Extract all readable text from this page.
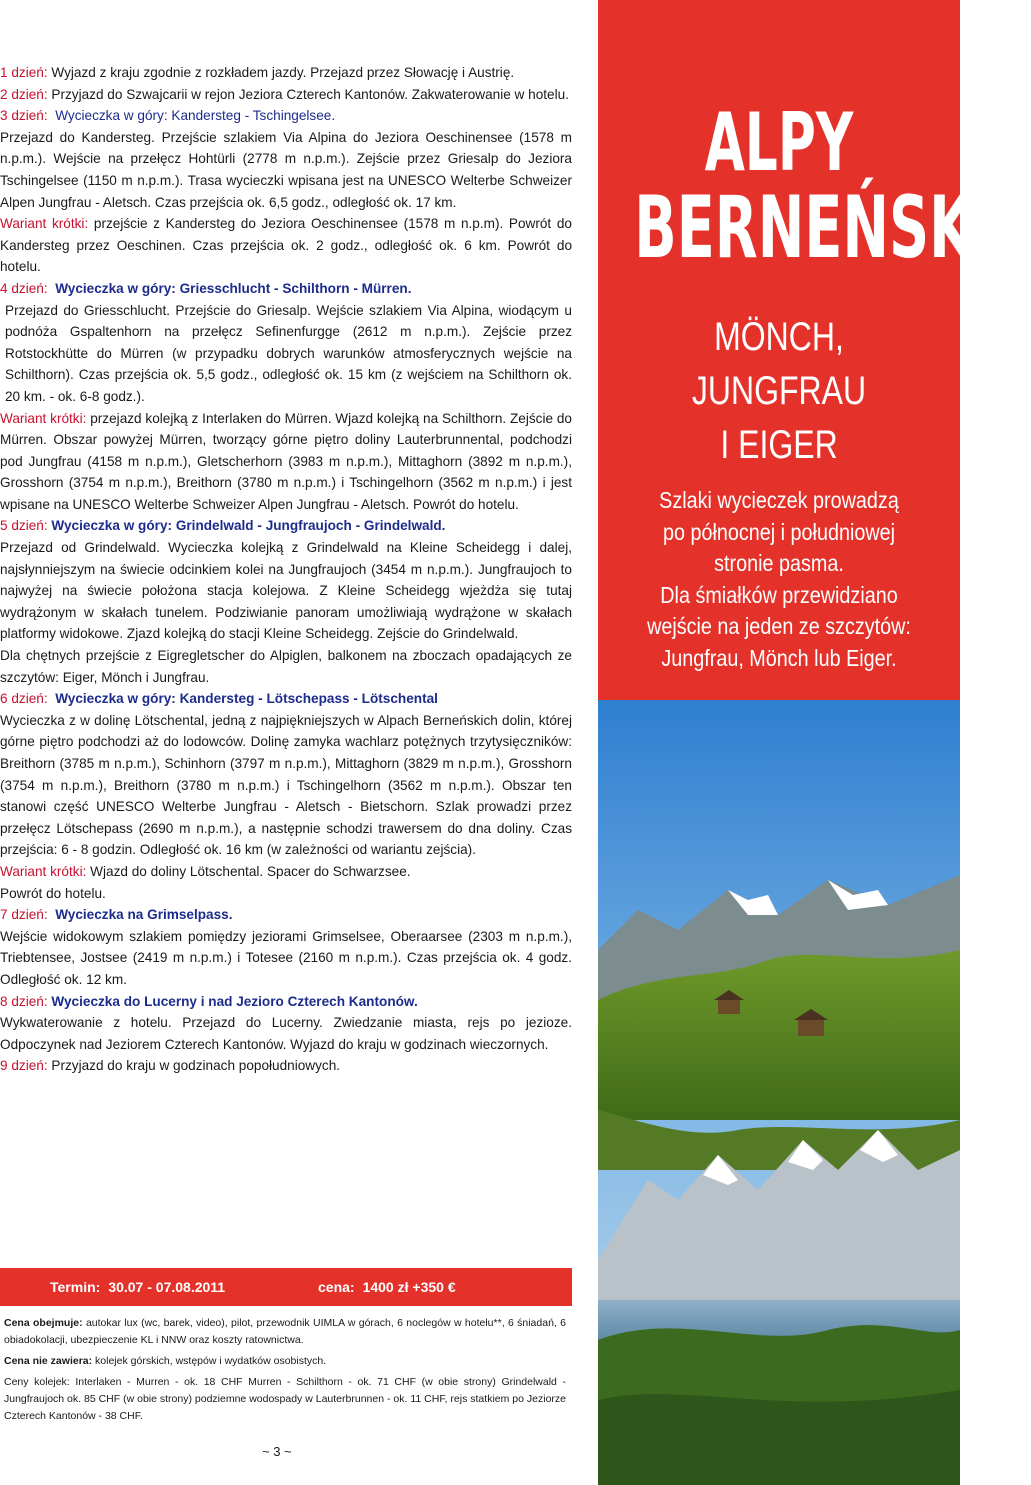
1 dzień: Wyjazd z kraju zgodnie z rozkładem jazdy. Przejazd przez Słowację i Austrię.

2 dzień: Przyjazd do Szwajcarii w rejon Jeziora Czterech Kantonów. Zakwaterowanie w hotelu.

3 dzień: Wycieczka w góry: Kandersteg - Tschingelsee.

Przejazd do Kandersteg. Przejście szlakiem Via Alpina do Jeziora Oeschinensee (1578 m n.p.m.). Wejście na przełęcz Hohtürli (2778 m n.p.m.). Zejście przez Griesalp do Jeziora Tschingelsee (1150 m n.p.m.). Trasa wycieczki wpisana jest na UNESCO Welterbe Schweizer Alpen Jungfrau - Aletsch. Czas przejścia ok. 6,5 godz., odległość ok. 17 km.

Wariant krótki: przejście z Kandersteg do Jeziora Oeschinensee (1578 m n.p.m). Powrót do Kandersteg przez Oeschinen. Czas przejścia ok. 2 godz., odległość ok. 6 km. Powrót do hotelu.

4 dzień: Wycieczka w góry: Griesschlucht - Schilthorn - Mürren.

Przejazd do Griesschlucht. Przejście do Griesalp. Wejście szlakiem Via Alpina, wiodącym u podnóża Gspaltenhorn na przełęcz Sefinenfurgge (2612 m n.p.m.). Zejście przez Rotstockhütte do Mürren (w przypadku dobrych warunków atmosferycznych wejście na Schilthorn). Czas przejścia ok. 5,5 godz., odległość ok. 15 km (z wejściem na Schilthorn ok. 20 km. - ok. 6-8 godz.).

Wariant krótki: przejazd kolejką z Interlaken do Mürren. Wjazd kolejką na Schilthorn. Zejście do Mürren. Obszar powyżej Mürren, tworzący górne piętro doliny Lauterbrunnental, podchodzi pod Jungfrau (4158 m n.p.m.), Gletscherhorn (3983 m n.p.m.), Mittaghorn (3892 m n.p.m.), Grosshorn (3754 m n.p.m.), Breithorn (3780 m n.p.m.) i Tschingelhorn (3562 m n.p.m.) i jest wpisane na UNESCO Welterbe Schweizer Alpen Jungfrau - Aletsch. Powrót do hotelu.

5 dzień: Wycieczka w góry: Grindelwald - Jungfraujoch - Grindelwald.

Przejazd od Grindelwald. Wycieczka kolejką z Grindelwald na Kleine Scheidegg i dalej, najsłynniejszym na świecie odcinkiem kolei na Jungfraujoch (3454 m n.p.m.). Jungfraujoch to najwyżej na świecie położona stacja kolejowa. Z Kleine Scheidegg wjeżdża się tutaj wydrążonym w skałach tunelem. Podziwianie panoram umożliwiają wydrążone w skałach platformy widokowe. Zjazd kolejką do stacji Kleine Scheidegg. Zejście do Grindelwald.

Dla chętnych przejście z Eigregletscher do Alpiglen, balkonem na zboczach opadających ze szczytów: Eiger, Mönch i Jungfrau.

6 dzień: Wycieczka w góry: Kandersteg - Lötschepass - Lötschental

Wycieczka z w dolinę Lötschental, jedną z najpiękniejszych w Alpach Berneńskich dolin, której górne piętro podchodzi aż do lodowców. Dolinę zamyka wachlarz potężnych trzytysięczników: Breithorn (3785 m n.p.m.), Schinhorn (3797 m n.p.m.), Mittaghorn (3829 m n.p.m.), Grosshorn (3754 m n.p.m.), Breithorn (3780 m n.p.m.) i Tschingelhorn (3562 m n.p.m.). Obszar ten stanowi część UNESCO Welterbe Jungfrau - Aletsch - Bietschorn. Szlak prowadzi przez przełęcz Lötschepass (2690 m n.p.m.), a następnie schodzi trawersem do dna doliny. Czas przejścia: 6 - 8 godzin. Odległość ok. 16 km (w zależności od wariantu zejścia).

Wariant krótki: Wjazd do doliny Lötschental. Spacer do Schwarzsee.

Powrót do hotelu.

7 dzień: Wycieczka na Grimselpass.

Wejście widokowym szlakiem pomiędzy jeziorami Grimselsee, Oberaarsee (2303 m n.p.m.), Triebtensee, Jostsee (2419 m n.p.m.) i Totesee (2160 m n.p.m.). Czas przejścia ok. 4 godz. Odległość ok. 12 km.

8 dzień: Wycieczka do Lucerny i nad Jezioro Czterech Kantonów.

Wykwaterowanie z hotelu. Przejazd do Lucerny. Zwiedzanie miasta, rejs po jezioze. Odpoczynek nad Jeziorem Czterech Kantonów. Wyjazd do kraju w godzinach wieczornych.

9 dzień: Przyjazd do kraju w godzinach popołudniowych.

Termin: 30.07 - 07.08.2011	cena: 1400 zł +350 €

Cena obejmuje: autokar lux (wc, barek, video), pilot, przewodnik UIMLA w górach, 6 noclegów w hotelu**, 6 śniadań, 6 obiadokolacji, ubezpieczenie KL i NNW oraz koszty ratownictwa.

Cena nie zawiera: kolejek górskich, wstępów i wydatków osobistych.

Ceny kolejek: Interlaken - Murren - ok. 18 CHF Murren - Schilthorn - ok. 71 CHF (w obie strony) Grindelwald - Jungfraujoch ok. 85 CHF (w obie strony) podziemne wodospady w Lauterbrunnen - ok. 11 CHF, rejs statkiem po Jeziorze Czterech Kantonów - 38 CHF.

~ 3 ~
ALPY
BERNEŃSKIE
MÖNCH,
JUNGFRAU
I EIGER
Szlaki wycieczek prowadzą
po północnej i południowej
stronie pasma.
Dla śmiałków przewidziano
wejście na jeden ze szczytów:
Jungfrau, Mönch lub Eiger.
